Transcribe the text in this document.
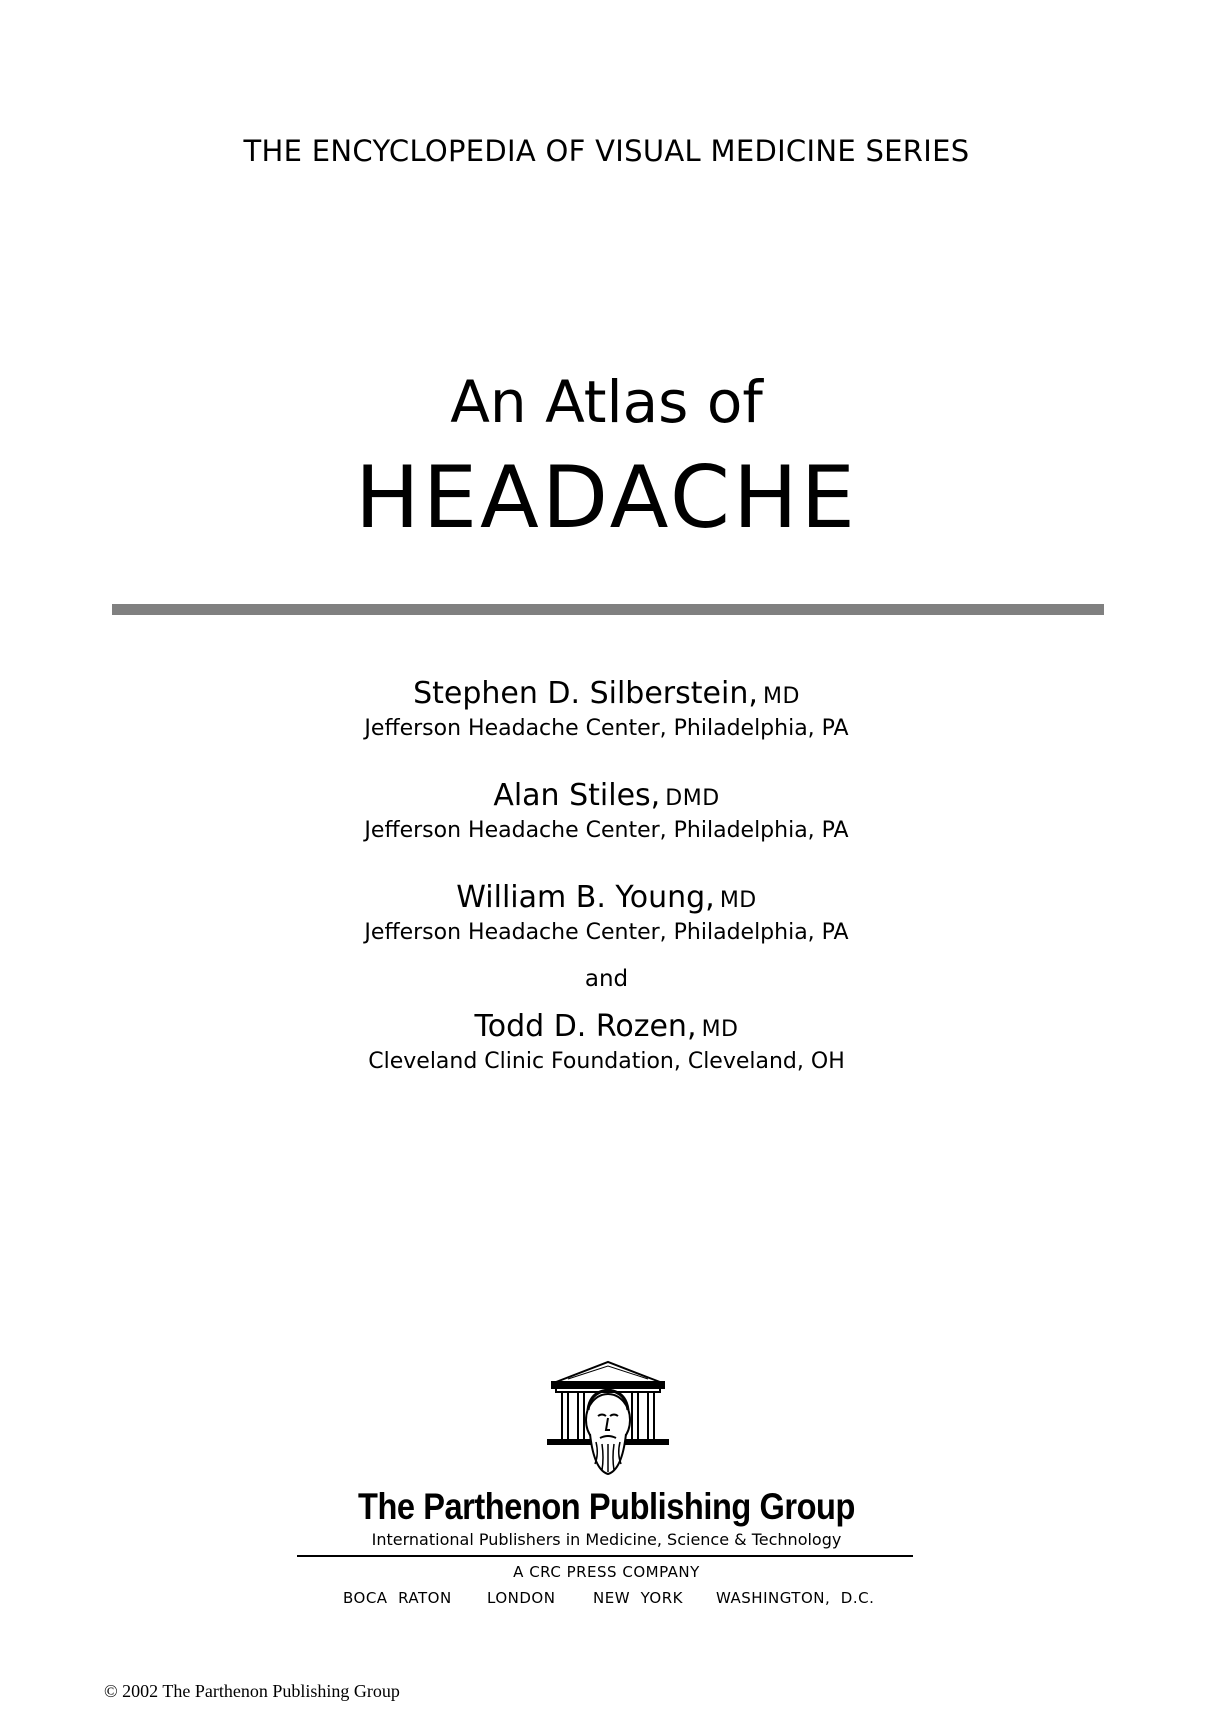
THE ENCYCLOPEDIA OF VISUAL MEDICINE SERIES
An Atlas of
HEADACHE
Stephen D. Silberstein, MD
Jefferson Headache Center, Philadelphia, PA
Alan Stiles, DMD
Jefferson Headache Center, Philadelphia, PA
William B. Young, MD
Jefferson Headache Center, Philadelphia, PA
and
Todd D. Rozen, MD
Cleveland Clinic Foundation, Cleveland, OH
The Parthenon Publishing Group
International Publishers in Medicine, Science & Technology
A CRC PRESS COMPANY
BOCA  RATON LONDON	NEW  YORK WASHINGTON,  D.C.
© 2002 The Parthenon Publishing Group
